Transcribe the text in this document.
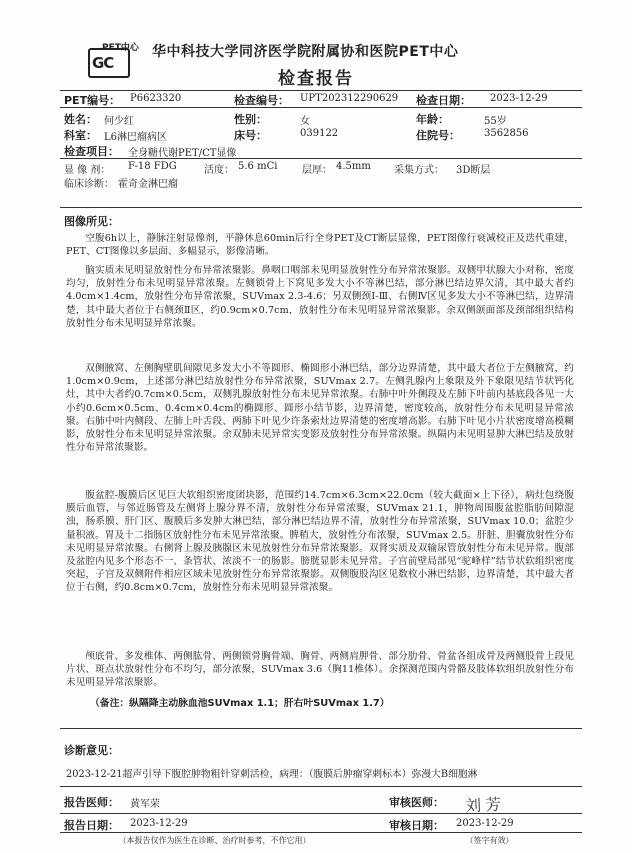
PET中心
GC
华中科技大学同济医学院附属协和医院PET中心
检查报告
PET编号： P6623320	检查编号： UPT202312290629 检查日期： 2023-12-29
姓名： 何少红	性别：	女	年龄：	55岁
科室： L6淋巴瘤病区	床号：	039122	住院号： 3562856
检查项目： 全身糖代谢PET/CT显像
显 像 剂： F-18 FDG	活度： 5.6 mCi 层厚： 4.5mm 采集方式： 3D断层
临床诊断： 霍奇金淋巴瘤
图像所见：
空腹6h以上，静脉注射显像剂，平静休息60min后行全身PET及CT断层显像，PET图像行衰减校正及迭代重建，PET、CT图像以多层面、多幅显示，影像清晰。
脑实质未见明显放射性分布异常浓聚影。鼻咽口咽部未见明显放射性分布异常浓聚影。双侧甲状腺大小对称，密度均匀，放射性分布未见明显异常浓聚。左侧锁骨上下窝见多发大小不等淋巴结，部分淋巴结边界欠清，其中最大者约4.0cm×1.4cm，放射性分布异常浓聚，SUVmax 2.3-4.6；另双侧颈Ⅰ-Ⅲ、右侧Ⅳ区见多发大小不等淋巴结，边界清楚，其中最大者位于右侧颈Ⅱ区，约0.9cm×0.7cm，放射性分布未见明显异常浓聚影。余双侧颌面部及颈部组织结构放射性分布未见明显异常浓聚。
双侧腋窝、左侧胸壁肌间隙见多发大小不等圆形、椭圆形小淋巴结，部分边界清楚，其中最大者位于左侧腋窝，约1.0cm×0.9cm，上述部分淋巴结放射性分布异常浓聚，SUVmax 2.7。左侧乳腺内上象限及外下象限见结节状钙化灶，其中大者约0.7cm×0.5cm，双侧乳腺放射性分布未见异常浓聚。右肺中叶外侧段及左肺下叶前内基底段各见一大小约0.6cm×0.5cm、0.4cm×0.4cm的椭圆形、圆形小结节影，边界清楚，密度较高，放射性分布未见明显异常浓聚。右肺中叶内侧段、左肺上叶舌段、两肺下叶见少许条索灶边界清楚的密度增高影。右肺下叶见小片状密度增高模糊影，放射性分布未见明显异常浓聚。余双肺未见异常实变影及放射性分布异常浓聚。纵隔内未见明显肿大淋巴结及放射性分布异常浓聚影。
腹盆腔-腹膜后区见巨大软组织密度团块影，范围约14.7cm×6.3cm×22.0cm（较大截面×上下径），病灶包绕腹膜后血管，与邻近肠管及左侧肾上腺分界不清，放射性分布异常浓聚，SUVmax 21.1，肿物周围腹盆腔脂肪间隙混浊，肠系膜、肝门区、腹膜后多发肿大淋巴结，部分淋巴结边界不清，放射性分布异常浓聚，SUVmax 10.0；盆腔少量积液。胃及十二指肠区放射性分布未见异常浓聚。脾稍大，放射性分布浓聚，SUVmax 2.5。肝脏、胆囊放射性分布未见明显异常浓聚。右侧肾上腺及胰腺区未见放射性分布异常浓聚影。双肾实质及双输尿管放射性分布未见异常。腹部及盆腔内见多个形态不一、条管状、浓淡不一的肠影。膀胱显影未见异常。子宫前壁局部见“驼峰样”结节状软组织密度突起，子宫及双侧附件相应区域未见放射性分布异常浓聚影。双侧腹股沟区见数枚小淋巴结影，边界清楚，其中最大者位于右侧，约0.8cm×0.7cm，放射性分布未见明显异常浓聚。
颅底骨、多发椎体、两侧肱骨、两侧锁骨胸骨端、胸骨、两侧肩胛骨、部分肋骨、骨盆各组成骨及两侧股骨上段见片状、斑点状放射性分布不均匀，部分浓聚，SUVmax 3.6（胸11椎体）。余探测范围内骨骼及肢体软组织放射性分布未见明显异常浓聚影。
（备注：纵隔降主动脉血池SUVmax 1.1；肝右叶SUVmax 1.7）
诊断意见：
2023-12-21超声引导下腹腔肿物粗针穿刺活检，病理：（腹膜后肿瘤穿刺标本）弥漫大B细胞淋
报告医师： 黄军荣	审核医师： 刘芳
报告日期： 2023-12-29	审核日期： 2023-12-29
（本报告仅作为医生在诊断、治疗时参考，不作它用）	（签字有效）
